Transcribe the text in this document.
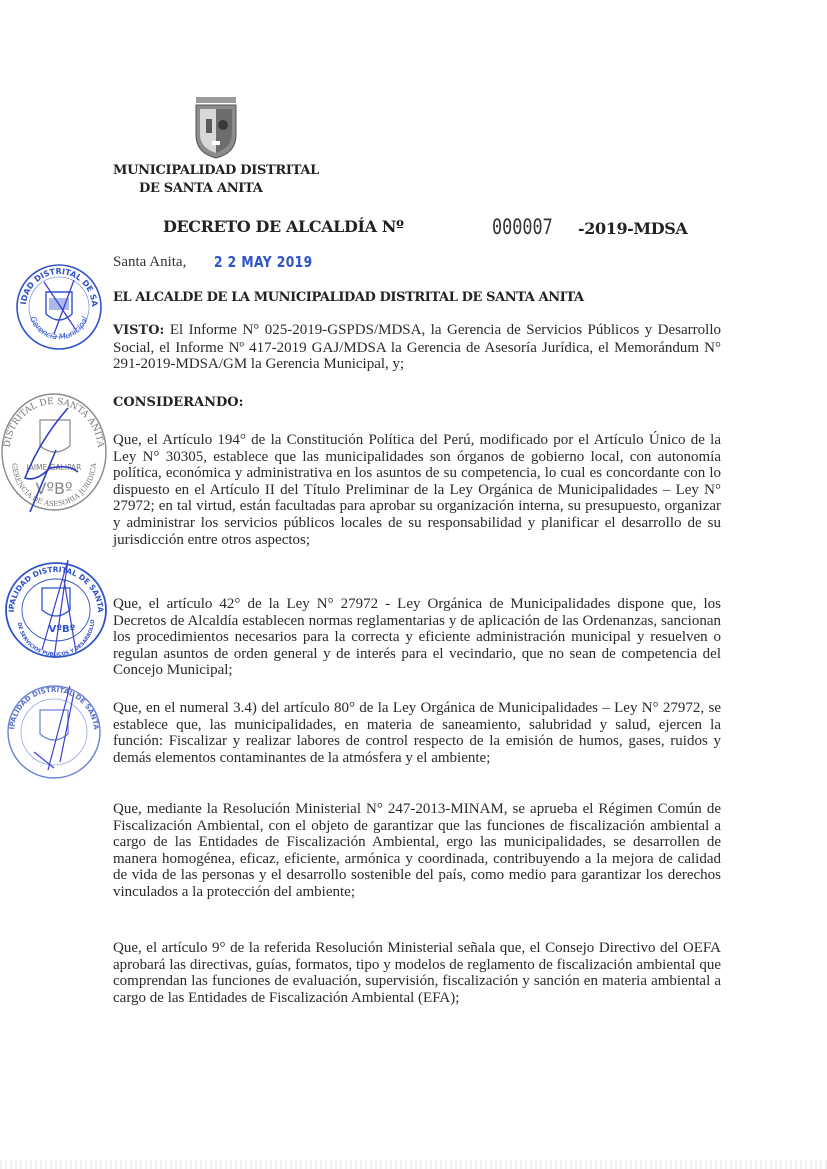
MUNICIPALIDAD DISTRITAL
DE SANTA ANITA
DECRETO DE ALCALDÍA Nº	000007 -2019-MDSA
Santa Anita, 2 2 MAY 2019
EL ALCALDE DE LA MUNICIPALIDAD DISTRITAL DE SANTA ANITA
VISTO: El Informe N° 025-2019-GSPDS/MDSA, la Gerencia de Servicios Públicos y Desarrollo Social, el Informe Nº 417-2019 GAJ/MDSA la Gerencia de Asesoría Jurídica, el Memorándum N° 291-2019-MDSA/GM la Gerencia Municipal, y;
CONSIDERANDO:
Que, el Artículo 194° de la Constitución Política del Perú, modificado por el Artículo Único de la Ley N° 30305, establece que las municipalidades son órganos de gobierno local, con autonomía política, económica y administrativa en los asuntos de su competencia, lo cual es concordante con lo dispuesto en el Artículo II del Título Preliminar de la Ley Orgánica de Municipalidades – Ley N° 27972; en tal virtud, están facultadas para aprobar su organización interna, su presupuesto, organizar y administrar los servicios públicos locales de su responsabilidad y planificar el desarrollo de su jurisdicción entre otros aspectos;
Que, el artículo 42° de la Ley N° 27972 - Ley Orgánica de Municipalidades dispone que, los Decretos de Alcaldía establecen normas reglamentarias y de aplicación de las Ordenanzas, sancionan los procedimientos necesarios para la correcta y eficiente administración municipal y resuelven o regulan asuntos de orden general y de interés para el vecindario, que no sean de competencia del Concejo Municipal;
Que, en el numeral 3.4) del artículo 80° de la Ley Orgánica de Municipalidades – Ley N° 27972, se establece que, las municipalidades, en materia de saneamiento, salubridad y salud, ejercen la función: Fiscalizar y realizar labores de control respecto de la emisión de humos, gases, ruidos y demás elementos contaminantes de la atmósfera y el ambiente;
Que, mediante la Resolución Ministerial N° 247-2013-MINAM, se aprueba el Régimen Común de Fiscalización Ambiental, con el objeto de garantizar que las funciones de fiscalización ambiental a cargo de las Entidades de Fiscalización Ambiental, ergo las municipalidades, se desarrollen de manera homogénea, eficaz, eficiente, armónica y coordinada, contribuyendo a la mejora de calidad de vida de las personas y el desarrollo sostenible del país, como medio para garantizar los derechos vinculados a la protección del ambiente;
Que, el artículo 9° de la referida Resolución Ministerial señala que, el Consejo Directivo del OEFA aprobará las directivas, guías, formatos, tipo y modelos de reglamento de fiscalización ambiental que comprendan las funciones de evaluación, supervisión, fiscalización y sanción en materia ambiental a cargo de las Entidades de Fiscalización Ambiental (EFA);
IDAD DISTRITAL DE SA
Gerencia Municipal
DISTRITAL DE SANTA ANITA
JAIME GALIPAR
VºBº
GERENCIA DE ASESORIA JURIDICA
IPALIDAD DISTRITAL DE SANTA
VºBº
DE SERVICIOS PUBLICOS Y DESARROLLO
IPALIDAD DISTRITAL DE SANTA
